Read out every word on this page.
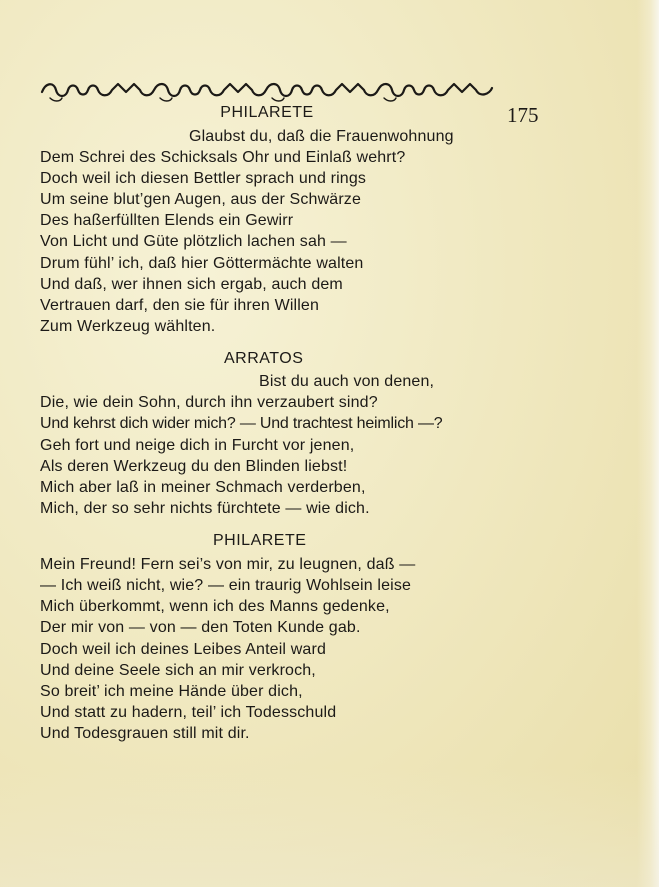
PHILARETE	175
Glaubst du, daß die Frauenwohnung
Dem Schrei des Schicksals Ohr und Einlaß wehrt?
Doch weil ich diesen Bettler sprach und rings
Um seine blut’gen Augen, aus der Schwärze
Des haßerfüllten Elends ein Gewirr
Von Licht und Güte plötzlich lachen sah —
Drum fühl’ ich, daß hier Göttermächte walten
Und daß, wer ihnen sich ergab, auch dem
Vertrauen darf, den sie für ihren Willen
Zum Werkzeug wählten.
ARRATOS
Bist du auch von denen,
Die, wie dein Sohn, durch ihn verzaubert sind?
Und kehrst dich wider mich? — Und trachtest heimlich —?
Geh fort und neige dich in Furcht vor jenen,
Als deren Werkzeug du den Blinden liebst!
Mich aber laß in meiner Schmach verderben,
Mich, der so sehr nichts fürchtete — wie dich.
PHILARETE
Mein Freund! Fern sei’s von mir, zu leugnen, daß —
— Ich weiß nicht, wie? — ein traurig Wohlsein leise
Mich überkommt, wenn ich des Manns gedenke,
Der mir von — von — den Toten Kunde gab.
Doch weil ich deines Leibes Anteil ward
Und deine Seele sich an mir verkroch,
So breit’ ich meine Hände über dich,
Und statt zu hadern, teil’ ich Todesschuld
Und Todesgrauen still mit dir.
